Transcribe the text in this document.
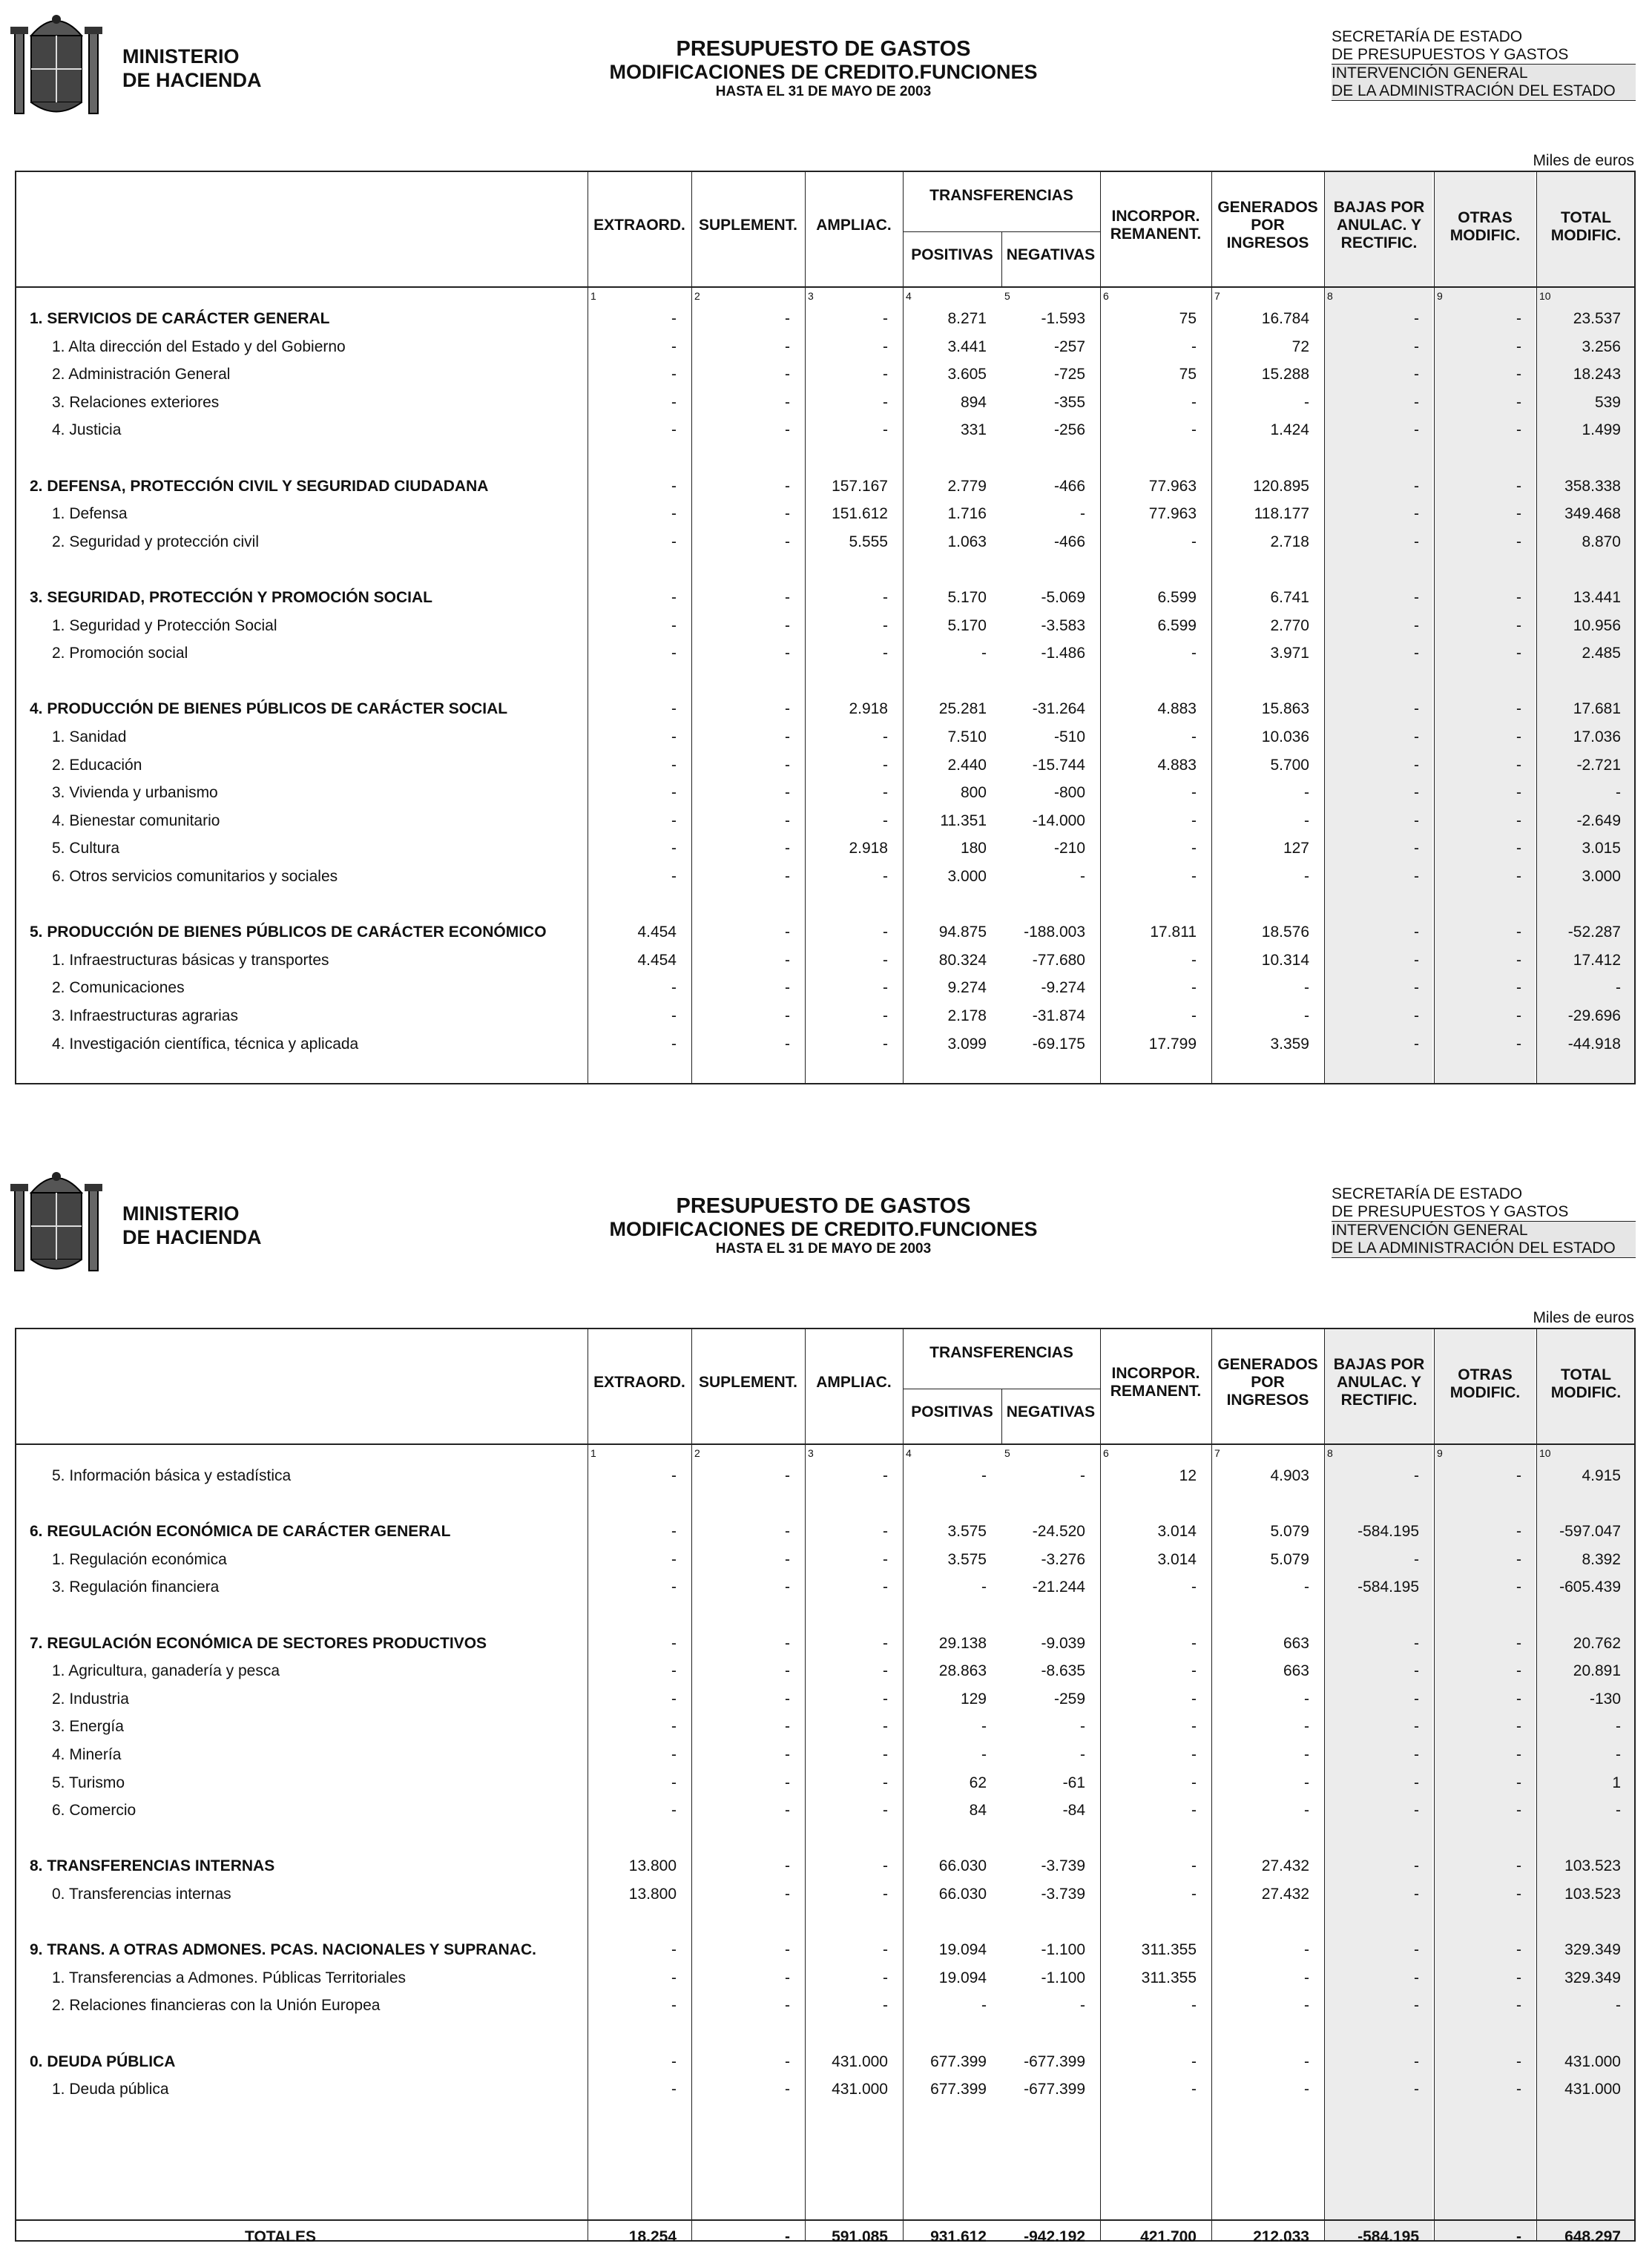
MINISTERIO
DE HACIENDA
PRESUPUESTO DE GASTOS
MODIFICACIONES DE CREDITO.FUNCIONES
HASTA EL 31 DE MAYO DE 2003
SECRETARÍA DE ESTADO
DE PRESUPUESTOS Y GASTOS
INTERVENCIÓN GENERAL
DE LA ADMINISTRACIÓN DEL ESTADO
Miles de euros
EXTRAORD. SUPLEMENT.	AMPLIAC.
TRANSFERENCIAS
POSITIVAS NEGATIVAS
INCORPOR.
REMANENT.
GENERADOS
POR
INGRESOS
BAJAS POR
ANULAC. Y
RECTIFIC.
OTRAS
MODIFIC.
TOTAL
MODIFIC.
1	2	3	4	5	6	7	8	9	10
1. SERVICIOS DE CARÁCTER GENERAL	-	-	-	8.271	-1.593	75	16.784	-	-	23.537
1. Alta dirección del Estado y del Gobierno	-	-	-	3.441	-257	-	72	-	-	3.256
2. Administración General	-	-	-	3.605	-725	75	15.288	-	-	18.243
3. Relaciones exteriores	-	-	-	894	-355	-	-	-	-	539
4. Justicia	-	-	-	331	-256	-	1.424	-	-	1.499
2. DEFENSA, PROTECCIÓN CIVIL Y SEGURIDAD CIUDADANA	-	-	157.167	2.779	-466	77.963	120.895	-	-	358.338
1. Defensa	-	-	151.612	1.716	-	77.963	118.177	-	-	349.468
2. Seguridad y protección civil	-	-	5.555	1.063	-466	-	2.718	-	-	8.870
3. SEGURIDAD, PROTECCIÓN Y PROMOCIÓN SOCIAL	-	-	-	5.170	-5.069	6.599	6.741	-	-	13.441
1. Seguridad y Protección Social	-	-	-	5.170	-3.583	6.599	2.770	-	-	10.956
2. Promoción social	-	-	-	-	-1.486	-	3.971	-	-	2.485
4. PRODUCCIÓN DE BIENES PÚBLICOS DE CARÁCTER SOCIAL	-	-	2.918	25.281	-31.264	4.883	15.863	-	-	17.681
1. Sanidad	-	-	-	7.510	-510	-	10.036	-	-	17.036
2. Educación	-	-	-	2.440	-15.744	4.883	5.700	-	-	-2.721
3. Vivienda y urbanismo	-	-	-	800	-800	-	-	-	-	-
4. Bienestar comunitario	-	-	-	11.351	-14.000	-	-	-	-	-2.649
5. Cultura	-	-	2.918	180	-210	-	127	-	-	3.015
6. Otros servicios comunitarios y sociales	-	-	-	3.000	-	-	-	-	-	3.000
5. PRODUCCIÓN DE BIENES PÚBLICOS DE CARÁCTER ECONÓMICO	4.454	-	-	94.875	-188.003	17.811	18.576	-	-	-52.287
1. Infraestructuras básicas y transportes	4.454	-	-	80.324	-77.680	-	10.314	-	-	17.412
2. Comunicaciones	-	-	-	9.274	-9.274	-	-	-	-	-
3. Infraestructuras agrarias	-	-	-	2.178	-31.874	-	-	-	-	-29.696
4. Investigación científica, técnica y aplicada	-	-	-	3.099	-69.175	17.799	3.359	-	-	-44.918
MINISTERIO
DE HACIENDA
PRESUPUESTO DE GASTOS
MODIFICACIONES DE CREDITO.FUNCIONES
HASTA EL 31 DE MAYO DE 2003
SECRETARÍA DE ESTADO
DE PRESUPUESTOS Y GASTOS
INTERVENCIÓN GENERAL
DE LA ADMINISTRACIÓN DEL ESTADO
Miles de euros
EXTRAORD. SUPLEMENT.	AMPLIAC.
TRANSFERENCIAS
POSITIVAS NEGATIVAS
INCORPOR.
REMANENT.
GENERADOS
POR
INGRESOS
BAJAS POR
ANULAC. Y
RECTIFIC.
OTRAS
MODIFIC.
TOTAL
MODIFIC.
1	2	3	4	5	6	7	8	9	10
5. Información básica y estadística	-	-	-	-	-	12	4.903	-	-	4.915
6. REGULACIÓN ECONÓMICA DE CARÁCTER GENERAL	-	-	-	3.575	-24.520	3.014	5.079	-584.195	-	-597.047
1. Regulación económica	-	-	-	3.575	-3.276	3.014	5.079	-	-	8.392
3. Regulación financiera	-	-	-	-	-21.244	-	-	-584.195	-	-605.439
7. REGULACIÓN ECONÓMICA DE SECTORES PRODUCTIVOS	-	-	-	29.138	-9.039	-	663	-	-	20.762
1. Agricultura, ganadería y pesca	-	-	-	28.863	-8.635	-	663	-	-	20.891
2. Industria	-	-	-	129	-259	-	-	-	-	-130
3. Energía	-	-	-	-	-	-	-	-	-	-
4. Minería	-	-	-	-	-	-	-	-	-	-
5. Turismo	-	-	-	62	-61	-	-	-	-	1
6. Comercio	-	-	-	84	-84	-	-	-	-	-
8. TRANSFERENCIAS INTERNAS	13.800	-	-	66.030	-3.739	-	27.432	-	-	103.523
0. Transferencias internas	13.800	-	-	66.030	-3.739	-	27.432	-	-	103.523
9. TRANS. A OTRAS ADMONES. PCAS. NACIONALES Y SUPRANAC.	-	-	-	19.094	-1.100	311.355	-	-	-	329.349
1. Transferencias a Admones. Públicas Territoriales	-	-	-	19.094	-1.100	311.355	-	-	-	329.349
2. Relaciones financieras con la Unión Europea	-	-	-	-	-	-	-	-	-	-
0. DEUDA PÚBLICA	-	-	431.000	677.399	-677.399	-	-	-	-	431.000
1. Deuda pública	-	-	431.000	677.399	-677.399	-	-	-	-	431.000
TOTALES	18.254	-	591.085	931.612	-942.192	421.700	212.033	-584.195	-	648.297
